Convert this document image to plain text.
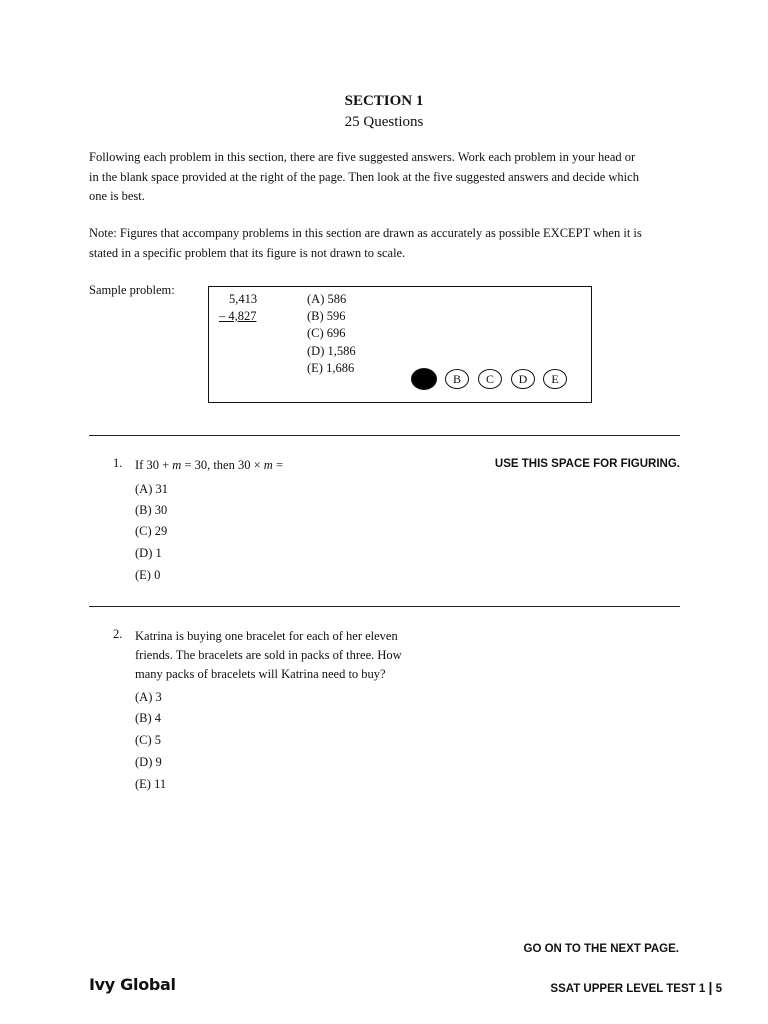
SECTION 1
25 Questions
Following each problem in this section, there are five suggested answers. Work each problem in your head or
in the blank space provided at the right of the page. Then look at the five suggested answers and decide which
one is best.
Note: Figures that accompany problems in this section are drawn as accurately as possible EXCEPT when it is
stated in a specific problem that its figure is not drawn to scale.
Sample problem:
5,413
– 4,827
(A) 586
(B) 596
(C) 696
(D) 1,586
(E) 1,686
B	C	D	E
USE THIS SPACE FOR FIGURING.
1. If 30 + m = 30, then 30 × m =
(A) 31
(B) 30
(C) 29
(D) 1
(E) 0
2. Katrina is buying one bracelet for each of her eleven
friends. The bracelets are sold in packs of three. How
many packs of bracelets will Katrina need to buy?
(A) 3
(B) 4
(C) 5
(D) 9
(E) 11
GO ON TO THE NEXT PAGE.
Ivy Global	SSAT UPPER LEVEL TEST 1 | 5
